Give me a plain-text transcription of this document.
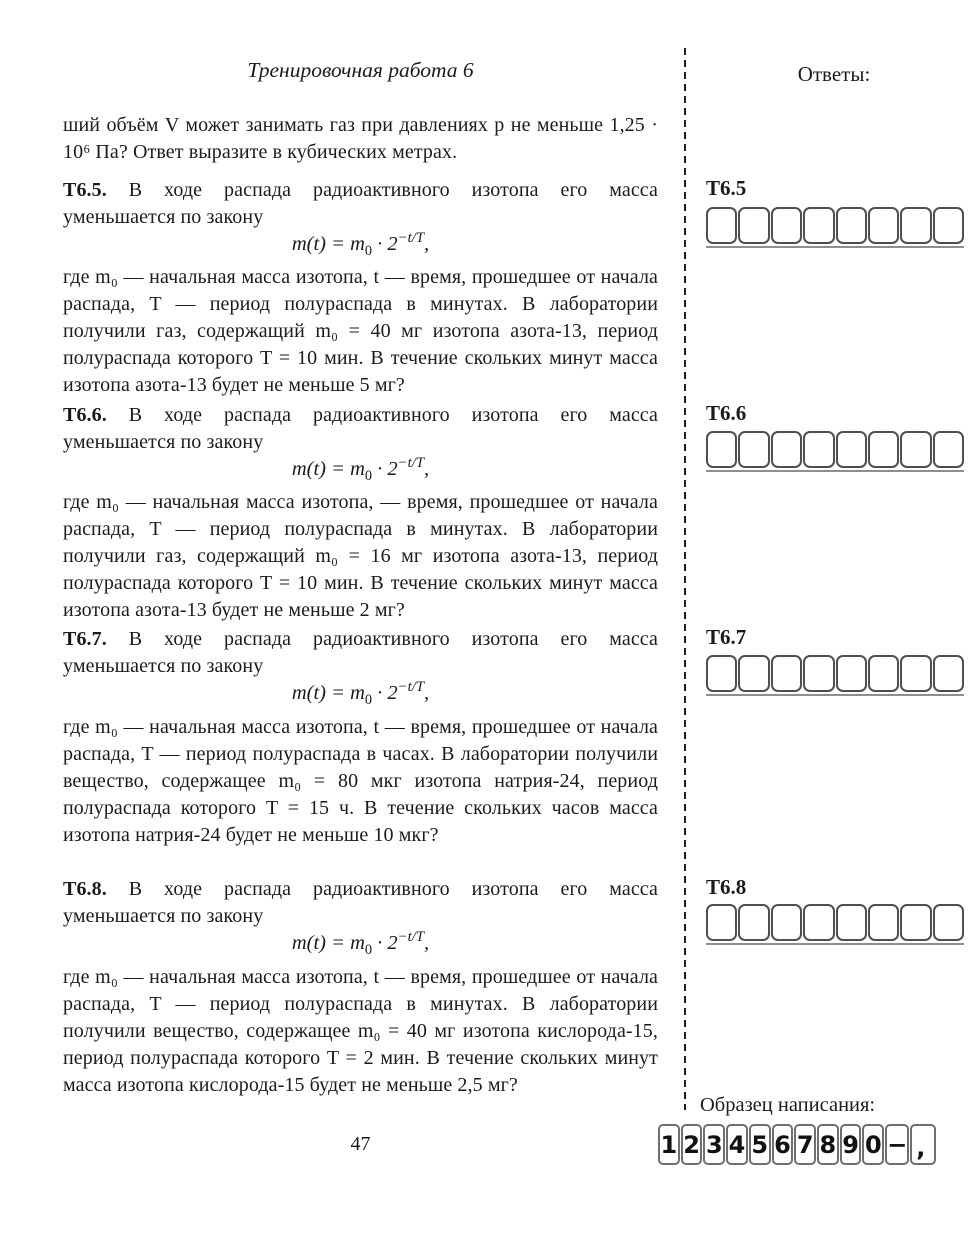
Тренировочная работа 6

ший объём V может занимать газ при давлениях p не меньше 1,25 · 10⁶ Па? Ответ выразите в кубических метрах.

Т6.5. В ходе распада радиоактивного изотопа его масса уменьшается по закону

$m(t) = m_0 \cdot 2^{-t/T}$,

где m₀ — начальная масса изотопа, t — время, прошедшее от начала распада, T — период полураспада в минутах. В лаборатории получили газ, содержащий m₀ = 40 мг изотопа азота-13, период полураспада которого T = 10 мин. В течение скольких минут масса изотопа азота-13 будет не меньше 5 мг?

Т6.6. В ходе распада радиоактивного изотопа его масса уменьшается по закону

$m(t) = m_0 \cdot 2^{-t/T}$,

где m₀ — начальная масса изотопа, — время, прошедшее от начала распада, T — период полураспада в минутах. В лаборатории получили газ, содержащий m₀ = 16 мг изотопа азота-13, период полураспада которого T = 10 мин. В течение скольких минут масса изотопа азота-13 будет не меньше 2 мг?

Т6.7. В ходе распада радиоактивного изотопа его масса уменьшается по закону

$m(t) = m_0 \cdot 2^{-t/T}$,

где m₀ — начальная масса изотопа, t — время, прошедшее от начала распада, T — период полураспада в часах. В лаборатории получили вещество, содержащее m₀ = 80 мкг изотопа натрия-24, период полураспада которого T = 15 ч. В течение скольких часов масса изотопа натрия-24 будет не меньше 10 мкг?

Т6.8. В ходе распада радиоактивного изотопа его масса уменьшается по закону

$m(t) = m_0 \cdot 2^{-t/T}$,

где m₀ — начальная масса изотопа, t — время, прошедшее от начала распада, T — период полураспада в минутах. В лаборатории получили вещество, содержащее m₀ = 40 мг изотопа кислорода-15, период полураспада которого T = 2 мин. В течение скольких минут масса изотопа кислорода-15 будет не меньше 2,5 мг?

47
Ответы:
Т6.5
Т6.6
Т6.7
Т6.8
Образец написания:
1 2 3 4 5 6 7 8 9 0 − ,
